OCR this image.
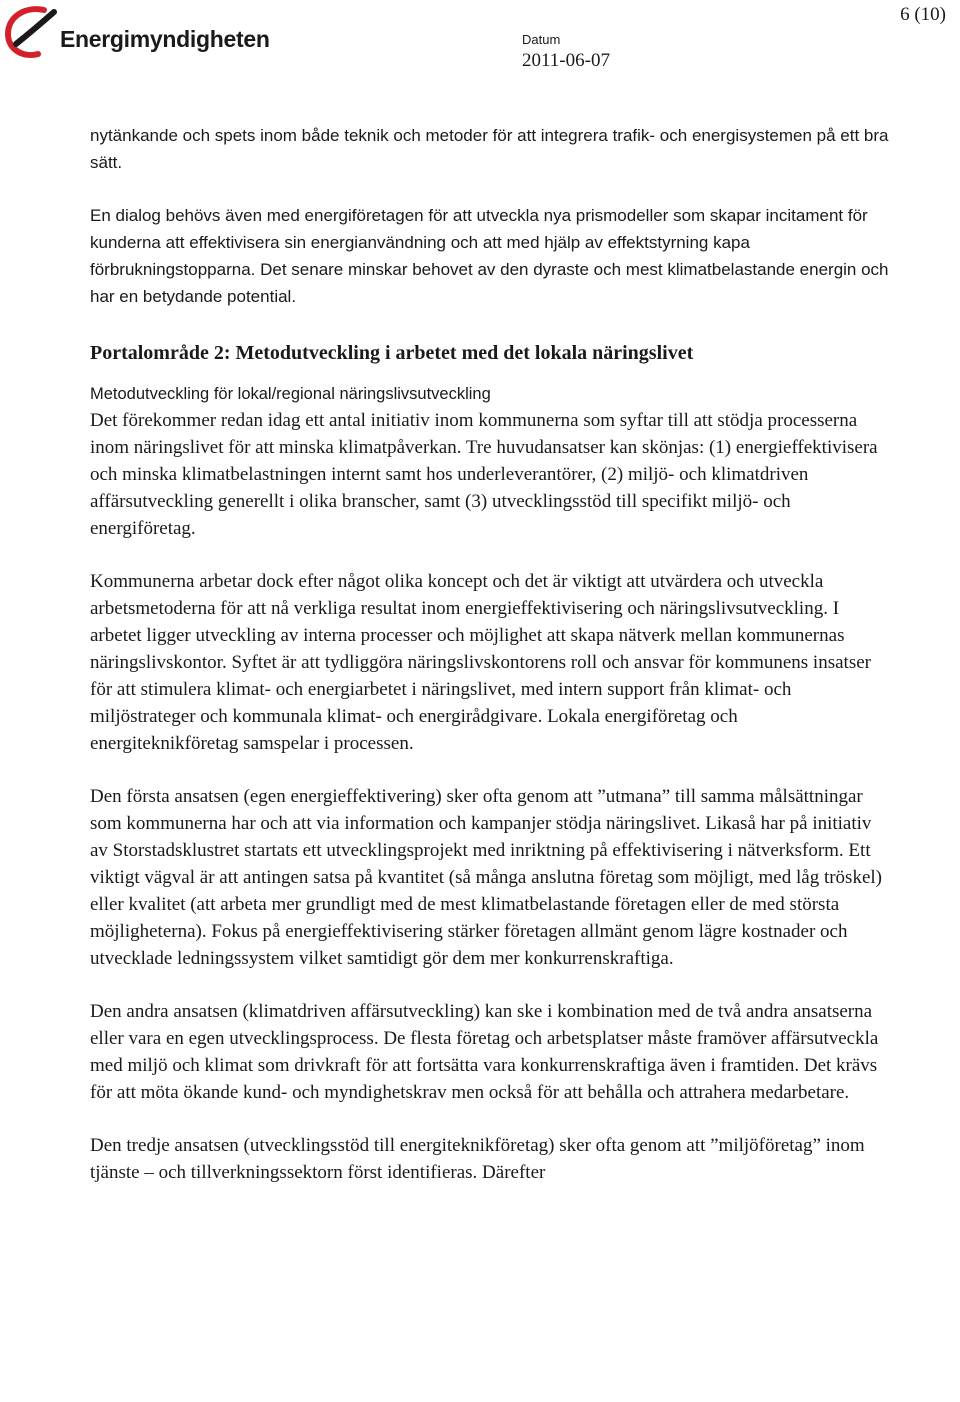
Energimyndigheten
6 (10)
Datum
2011-06-07

nytänkande och spets inom både teknik och metoder för att integrera trafik- och energisystemen på ett bra sätt.

En dialog behövs även med energiföretagen för att utveckla nya prismodeller som skapar incitament för kunderna att effektivisera sin energianvändning och att med hjälp av effektstyrning kapa förbrukningstopparna. Det senare minskar behovet av den dyraste och mest klimatbelastande energin och har en betydande potential.

Portalområde 2: Metodutveckling i arbetet med det lokala näringslivet
Metodutveckling för lokal/regional näringslivsutveckling

Det förekommer redan idag ett antal initiativ inom kommunerna som syftar till att stödja processerna inom näringslivet för att minska klimatpåverkan. Tre huvudansatser kan skönjas: (1) energieffektivisera och minska klimatbelastningen internt samt hos underleverantörer, (2) miljö- och klimatdriven affärsutveckling generellt i olika branscher, samt (3) utvecklingsstöd till specifikt miljö- och energiföretag.

Kommunerna arbetar dock efter något olika koncept och det är viktigt att utvärdera och utveckla arbetsmetoderna för att nå verkliga resultat inom energieffektivisering och näringslivsutveckling. I arbetet ligger utveckling av interna processer och möjlighet att skapa nätverk mellan kommunernas näringslivskontor. Syftet är att tydliggöra näringslivskontorens roll och ansvar för kommunens insatser för att stimulera klimat- och energiarbetet i näringslivet, med intern support från klimat- och miljöstrateger och kommunala klimat- och energirådgivare. Lokala energiföretag och energiteknikföretag samspelar i processen.

Den första ansatsen (egen energieffektivering) sker ofta genom att ”utmana” till samma målsättningar som kommunerna har och att via information och kampanjer stödja näringslivet. Likaså har på initiativ av Storstadsklustret startats ett utvecklingsprojekt med inriktning på effektivisering i nätverksform. Ett viktigt vägval är att antingen satsa på kvantitet (så många anslutna företag som möjligt, med låg tröskel) eller kvalitet (att arbeta mer grundligt med de mest klimatbelastande företagen eller de med största möjligheterna). Fokus på energieffektivisering stärker företagen allmänt genom lägre kostnader och utvecklade ledningssystem vilket samtidigt gör dem mer konkurrenskraftiga.

Den andra ansatsen (klimatdriven affärsutveckling) kan ske i kombination med de två andra ansatserna eller vara en egen utvecklingsprocess. De flesta företag och arbetsplatser måste framöver affärsutveckla med miljö och klimat som drivkraft för att fortsätta vara konkurrenskraftiga även i framtiden. Det krävs för att möta ökande kund- och myndighetskrav men också för att behålla och attrahera medarbetare.

Den tredje ansatsen (utvecklingsstöd till energiteknikföretag) sker ofta genom att ”miljöföretag” inom tjänste – och tillverkningssektorn först identifieras. Därefter
